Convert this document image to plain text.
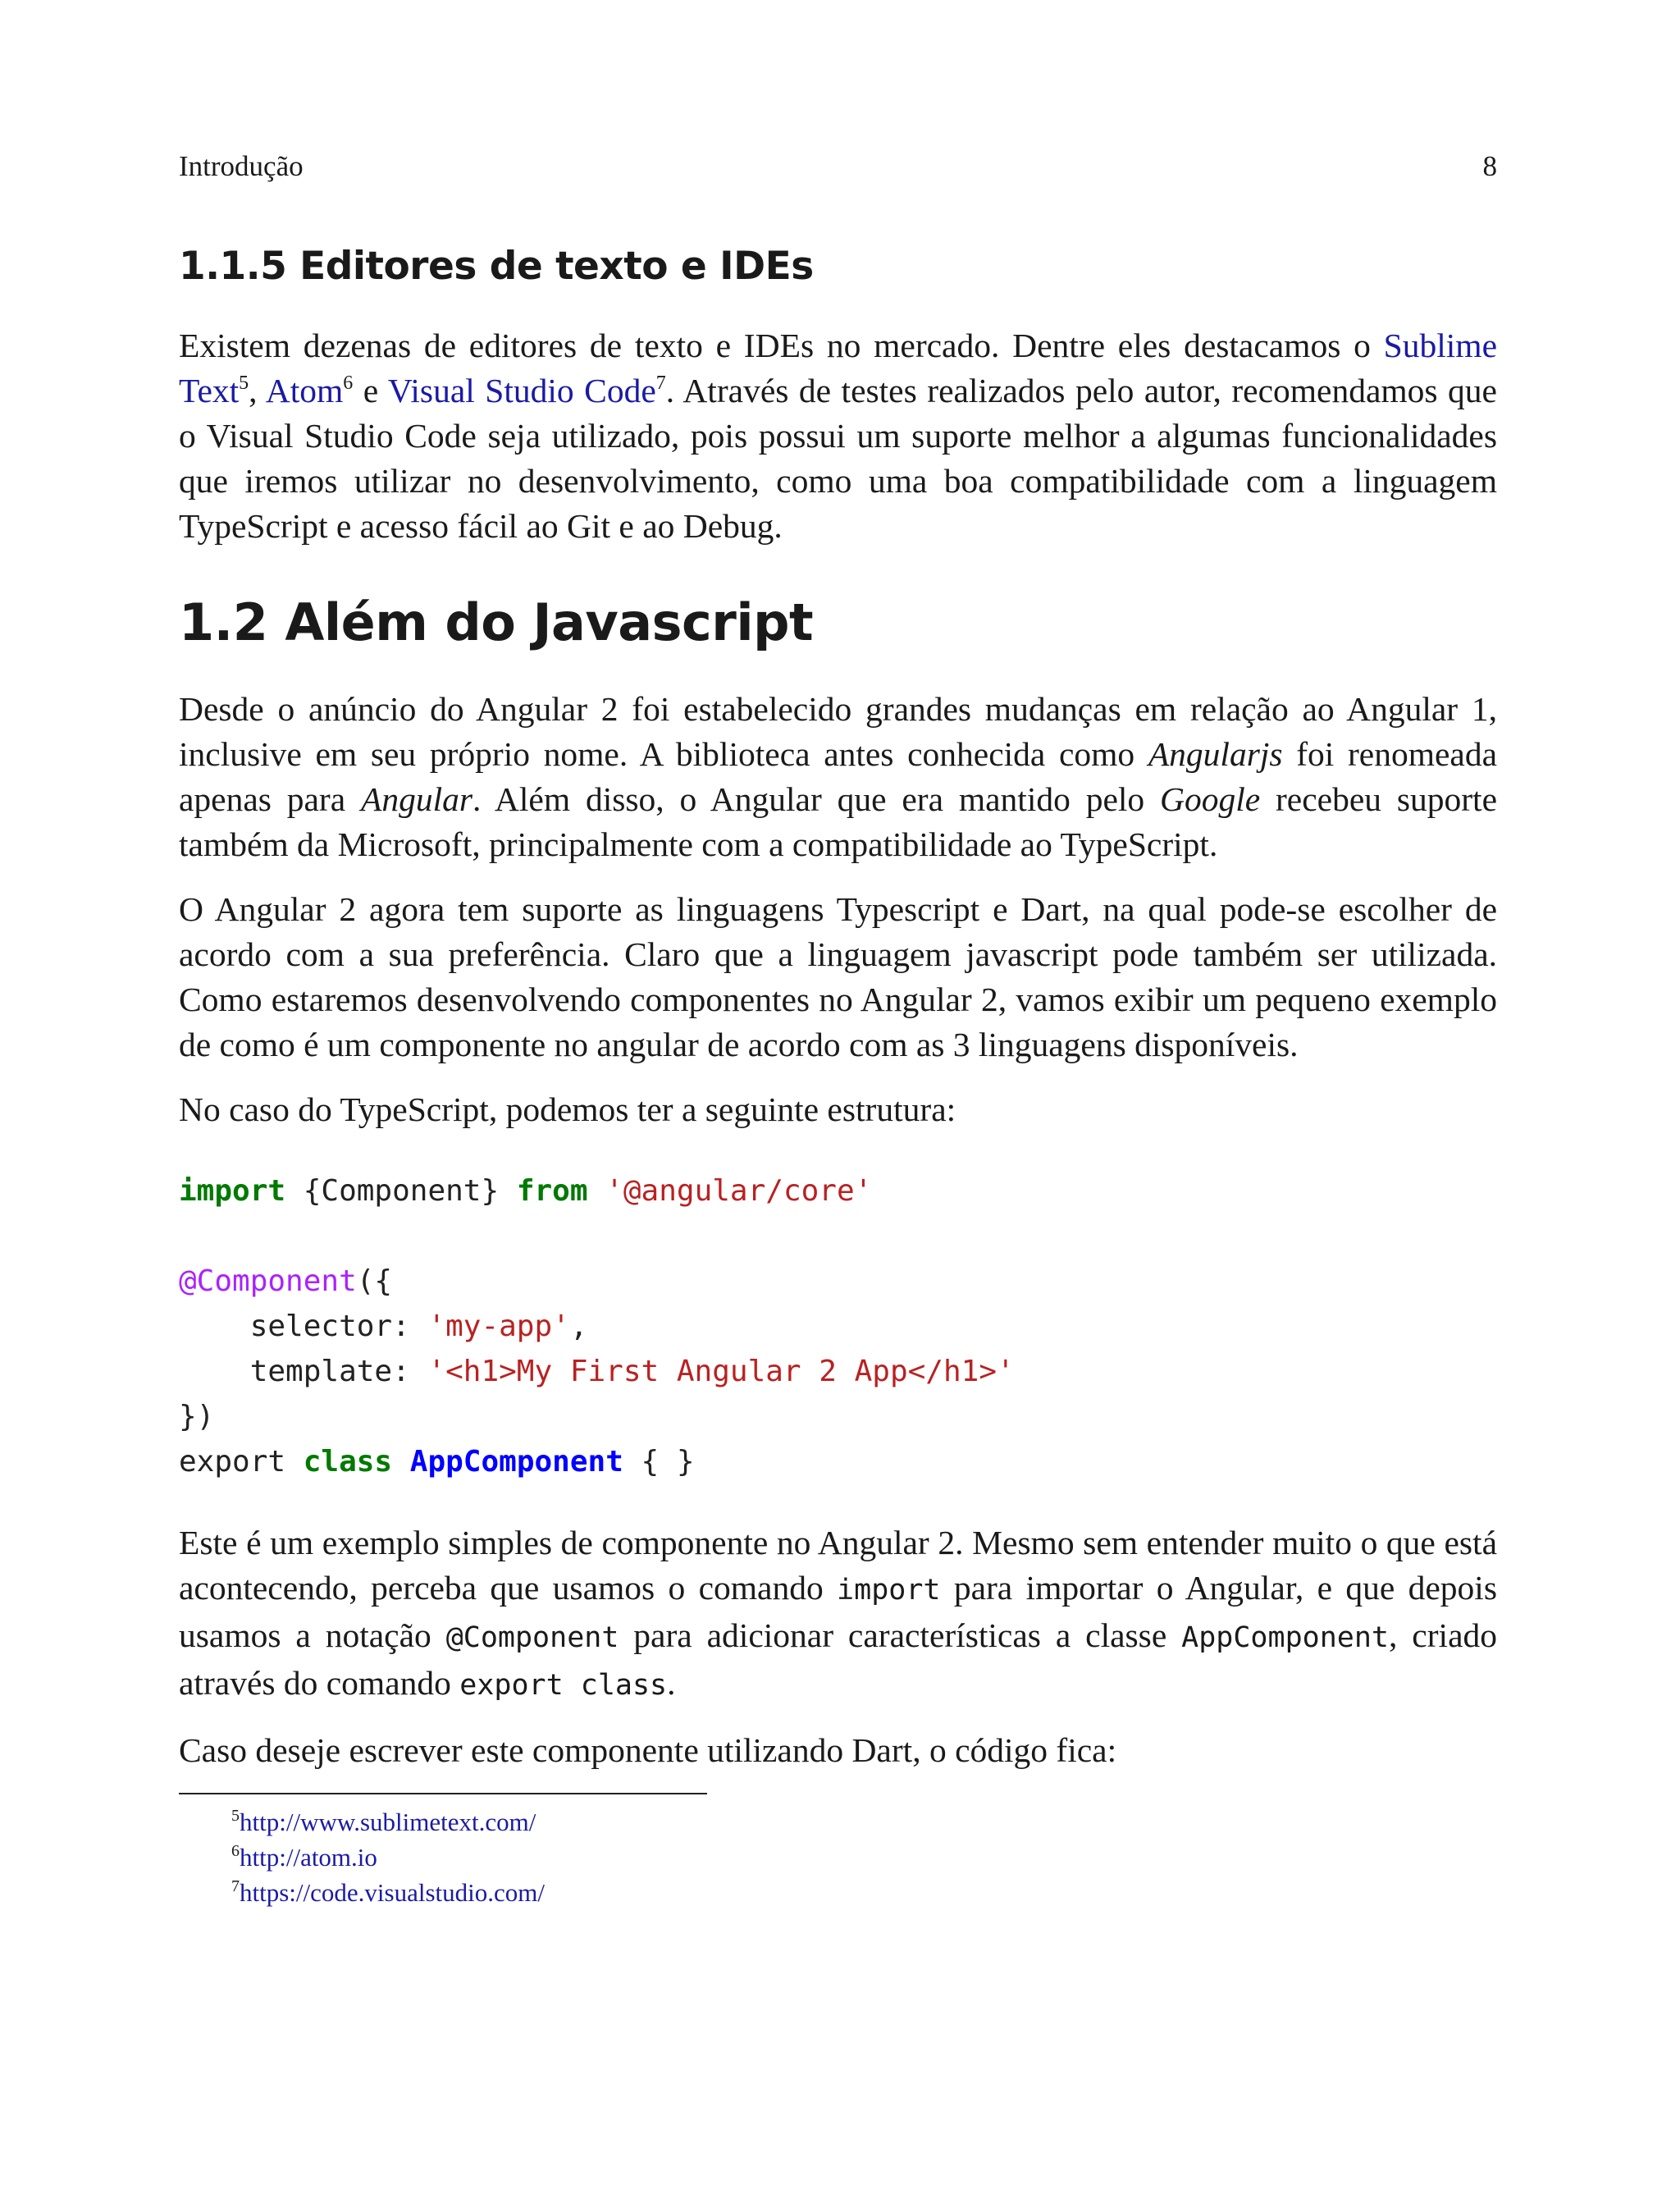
Introdução	8
1.1.5 Editores de texto e IDEs

Existem dezenas de editores de texto e IDEs no mercado. Dentre eles destacamos o Sublime Text$^5$, Atom$^6$ e Visual Studio Code$^7$. Através de testes realizados pelo autor, recomendamos que o Visual Studio Code seja utilizado, pois possui um suporte melhor a algumas funcionalidades que iremos utilizar no desenvolvimento, como uma boa compatibilidade com a linguagem TypeScript e acesso fácil ao Git e ao Debug.

1.2 Além do Javascript

Desde o anúncio do Angular 2 foi estabelecido grandes mudanças em relação ao Angular 1, inclusive em seu próprio nome. A biblioteca antes conhecida como Angularjs foi renomeada apenas para Angular. Além disso, o Angular que era mantido pelo Google recebeu suporte também da Microsoft, principalmente com a compatibilidade ao TypeScript.

O Angular 2 agora tem suporte as linguagens Typescript e Dart, na qual pode-se escolher de acordo com a sua preferência. Claro que a linguagem javascript pode também ser utilizada. Como estaremos desenvolvendo componentes no Angular 2, vamos exibir um pequeno exemplo de como é um componente no angular de acordo com as 3 linguagens disponíveis.

No caso do TypeScript, podemos ter a seguinte estrutura:

import {Component} from '@angular/core'

@Component({
selector: 'my-app',
template: '<h1>My First Angular 2 App</h1>'
})
export class AppComponent { }

Este é um exemplo simples de componente no Angular 2. Mesmo sem entender muito o que está acontecendo, perceba que usamos o comando import para importar o Angular, e que depois usamos a notação @Component para adicionar características a classe AppComponent, criado através do comando export class.

Caso deseje escrever este componente utilizando Dart, o código fica:

$^5$http://www.sublimetext.com/
$^6$http://atom.io
$^7$https://code.visualstudio.com/
